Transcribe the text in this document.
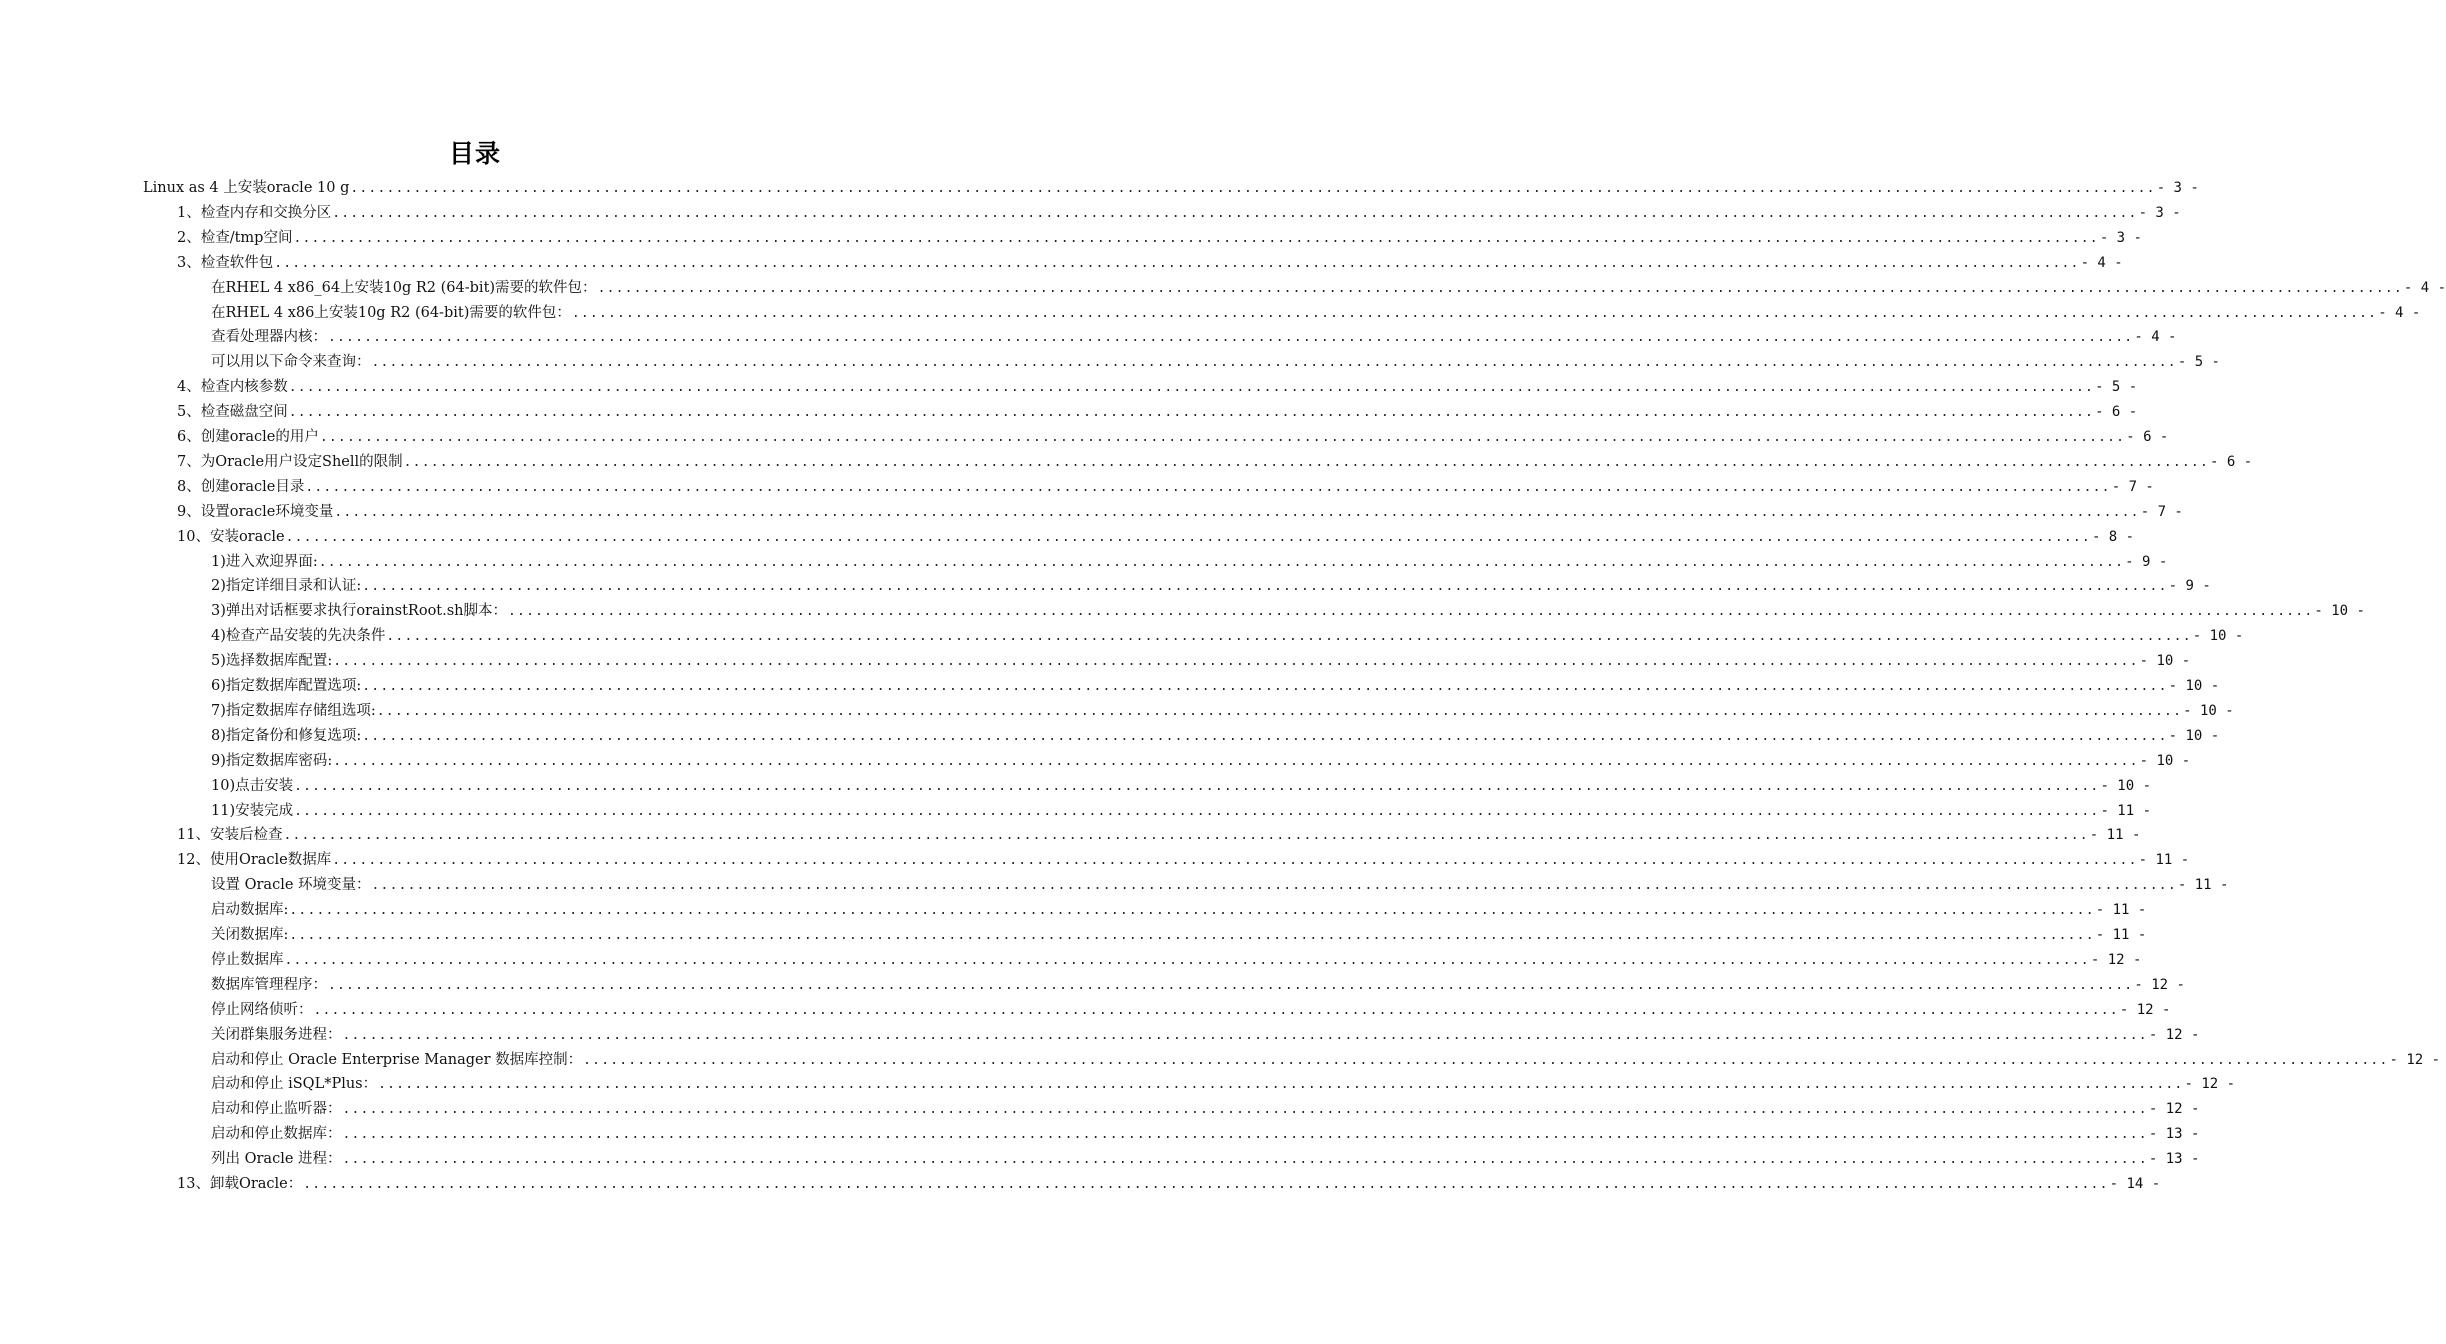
目录
Linux as 4 上安装oracle 10 g ........................................................................................................................................................................................................ - 3 -
1、检查内存和交换分区 ........................................................................................................................................................................................................ - 3 -
2、检查/tmp空间 ........................................................................................................................................................................................................ - 3 -
3、检查软件包 ........................................................................................................................................................................................................ - 4 -
在RHEL 4 x86_64上安装10g R2 (64-bit)需要的软件包： ........................................................................................................................................................................................................ - 4 -
在RHEL 4 x86上安装10g R2 (64-bit)需要的软件包： ........................................................................................................................................................................................................ - 4 -
查看处理器内核： ........................................................................................................................................................................................................ - 4 -
可以用以下命令来查询： ........................................................................................................................................................................................................ - 5 -
4、检查内核参数 ........................................................................................................................................................................................................ - 5 -
5、检查磁盘空间 ........................................................................................................................................................................................................ - 6 -
6、创建oracle的用户 ........................................................................................................................................................................................................ - 6 -
7、为Oracle用户设定Shell的限制 ........................................................................................................................................................................................................ - 6 -
8、创建oracle目录 ........................................................................................................................................................................................................ - 7 -
9、设置oracle环境变量 ........................................................................................................................................................................................................ - 7 -
10、安装oracle ........................................................................................................................................................................................................ - 8 -
1)进入欢迎界面: ........................................................................................................................................................................................................ - 9 -
2)指定详细目录和认证: ........................................................................................................................................................................................................ - 9 -
3)弹出对话框要求执行orainstRoot.sh脚本： ........................................................................................................................................................................................................ - 10 -
4)检查产品安装的先决条件 ........................................................................................................................................................................................................ - 10 -
5)选择数据库配置: ........................................................................................................................................................................................................ - 10 -
6)指定数据库配置选项: ........................................................................................................................................................................................................ - 10 -
7)指定数据库存储组选项: ........................................................................................................................................................................................................ - 10 -
8)指定备份和修复选项: ........................................................................................................................................................................................................ - 10 -
9)指定数据库密码: ........................................................................................................................................................................................................ - 10 -
10)点击安装 ........................................................................................................................................................................................................ - 10 -
11)安装完成 ........................................................................................................................................................................................................ - 11 -
11、安装后检查 ........................................................................................................................................................................................................ - 11 -
12、使用Oracle数据库 ........................................................................................................................................................................................................ - 11 -
设置 Oracle 环境变量： ........................................................................................................................................................................................................ - 11 -
启动数据库: ........................................................................................................................................................................................................ - 11 -
关闭数据库: ........................................................................................................................................................................................................ - 11 -
停止数据库 ........................................................................................................................................................................................................ - 12 -
数据库管理程序： ........................................................................................................................................................................................................ - 12 -
停止网络侦听： ........................................................................................................................................................................................................ - 12 -
关闭群集服务进程： ........................................................................................................................................................................................................ - 12 -
启动和停止 Oracle Enterprise Manager 数据库控制： ........................................................................................................................................................................................................ - 12 -
启动和停止 iSQL*Plus： ........................................................................................................................................................................................................ - 12 -
启动和停止监听器： ........................................................................................................................................................................................................ - 12 -
启动和停止数据库： ........................................................................................................................................................................................................ - 13 -
列出 Oracle 进程： ........................................................................................................................................................................................................ - 13 -
13、卸载Oracle： ........................................................................................................................................................................................................ - 14 -
